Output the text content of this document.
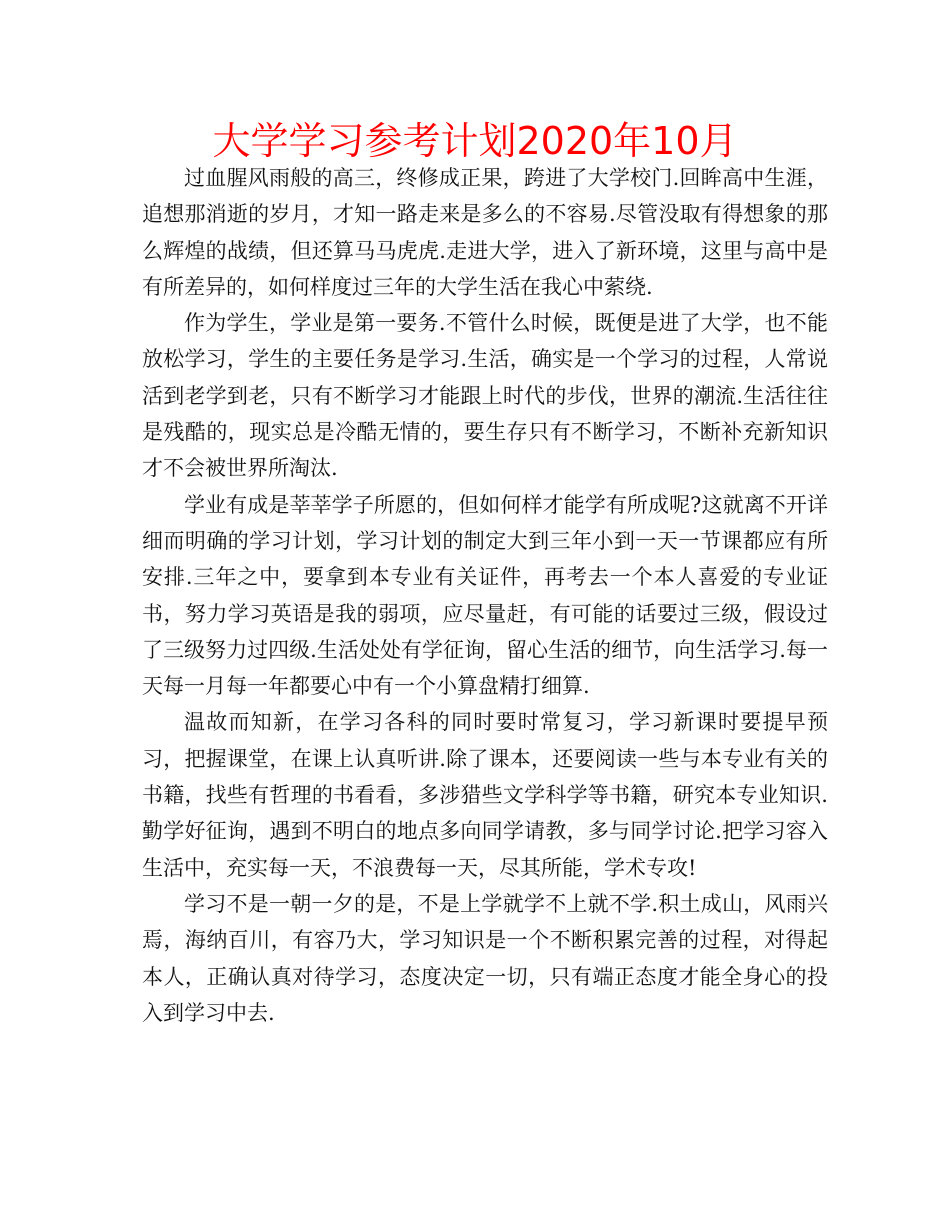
大学学习参考计划2020年10月

过血腥风雨般的高三，终修成正果，跨进了大学校门.回眸高中生涯，追想那消逝的岁月，才知一路走来是多么的不容易.尽管没取有得想象的那么辉煌的战绩，但还算马马虎虎.走进大学，进入了新环境，这里与高中是有所差异的，如何样度过三年的大学生活在我心中萦绕.

作为学生，学业是第一要务.不管什么时候，既便是进了大学，也不能放松学习，学生的主要任务是学习.生活，确实是一个学习的过程，人常说活到老学到老，只有不断学习才能跟上时代的步伐，世界的潮流.生活往往是残酷的，现实总是冷酷无情的，要生存只有不断学习，不断补充新知识才不会被世界所淘汰.

学业有成是莘莘学子所愿的，但如何样才能学有所成呢?这就离不开详细而明确的学习计划，学习计划的制定大到三年小到一天一节课都应有所安排.三年之中，要拿到本专业有关证件，再考去一个本人喜爱的专业证书，努力学习英语是我的弱项，应尽量赶，有可能的话要过三级，假设过了三级努力过四级.生活处处有学征询，留心生活的细节，向生活学习.每一天每一月每一年都要心中有一个小算盘精打细算.

温故而知新，在学习各科的同时要时常复习，学习新课时要提早预习，把握课堂，在课上认真听讲.除了课本，还要阅读一些与本专业有关的书籍，找些有哲理的书看看，多涉猎些文学科学等书籍，研究本专业知识.勤学好征询，遇到不明白的地点多向同学请教，多与同学讨论.把学习容入生活中，充实每一天，不浪费每一天，尽其所能，学术专攻!

学习不是一朝一夕的是，不是上学就学不上就不学.积土成山，风雨兴焉，海纳百川，有容乃大，学习知识是一个不断积累完善的过程，对得起本人，正确认真对待学习，态度决定一切，只有端正态度才能全身心的投入到学习中去.
